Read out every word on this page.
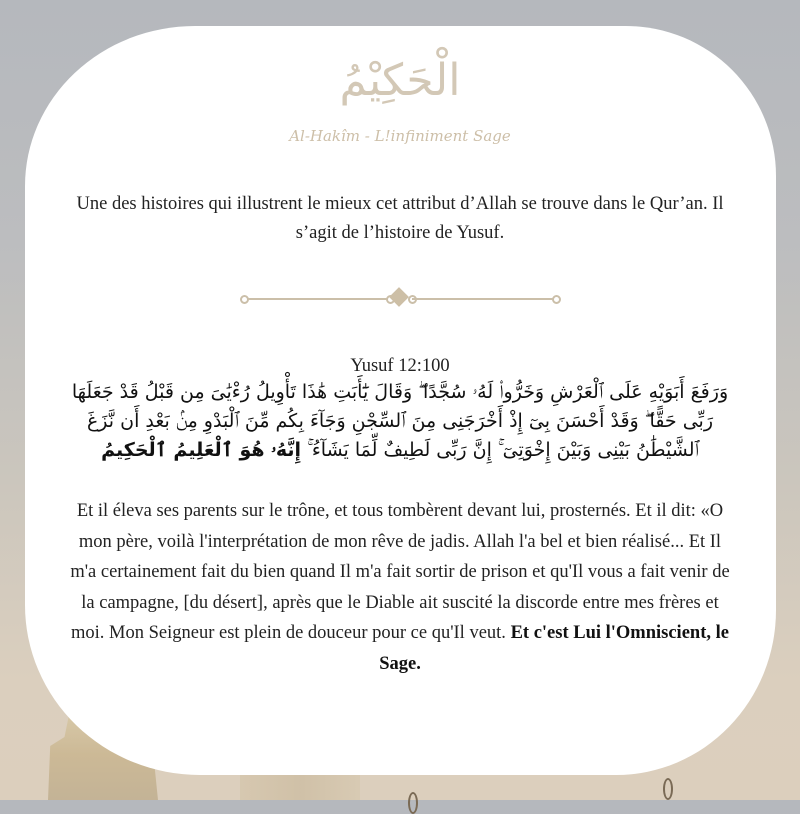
الْحَكِيْمُ
Al-Hakîm - L!infiniment Sage
Une des histoires qui illustrent le mieux cet attribut d’Allah se trouve dans le Qur’an. Il s’agit de l’histoire de Yusuf.
Yusuf 12:100
وَرَفَعَ أَبَوَيْهِ عَلَى ٱلْعَرْشِ وَخَرُّوا۟ لَهُۥ سُجَّدًا ۖ وَقَالَ يَٰٓأَبَتِ هَٰذَا تَأْوِيلُ رُءْيَٰىَ مِن قَبْلُ قَدْ جَعَلَهَا رَبِّى حَقًّا ۖ وَقَدْ أَحْسَنَ بِىٓ إِذْ أَخْرَجَنِى مِنَ ٱلسِّجْنِ وَجَآءَ بِكُم مِّنَ ٱلْبَدْوِ مِنۢ بَعْدِ أَن نَّزَغَ ٱلشَّيْطَٰنُ بَيْنِى وَبَيْنَ إِخْوَتِىٓ ۚ إِنَّ رَبِّى لَطِيفٌ لِّمَا يَشَآءُ ۚ إِنَّهُۥ هُوَ ٱلْعَلِيمُ ٱلْحَكِيمُ
Et il éleva ses parents sur le trône, et tous tombèrent devant lui, prosternés. Et il dit: «O mon père, voilà l'interprétation de mon rêve de jadis. Allah l'a bel et bien réalisé... Et Il m'a certainement fait du bien quand Il m'a fait sortir de prison et qu'Il vous a fait venir de la campagne, [du désert], après que le Diable ait suscité la discorde entre mes frères et moi. Mon Seigneur est plein de douceur pour ce qu'Il veut. Et c'est Lui l'Omniscient, le Sage.
